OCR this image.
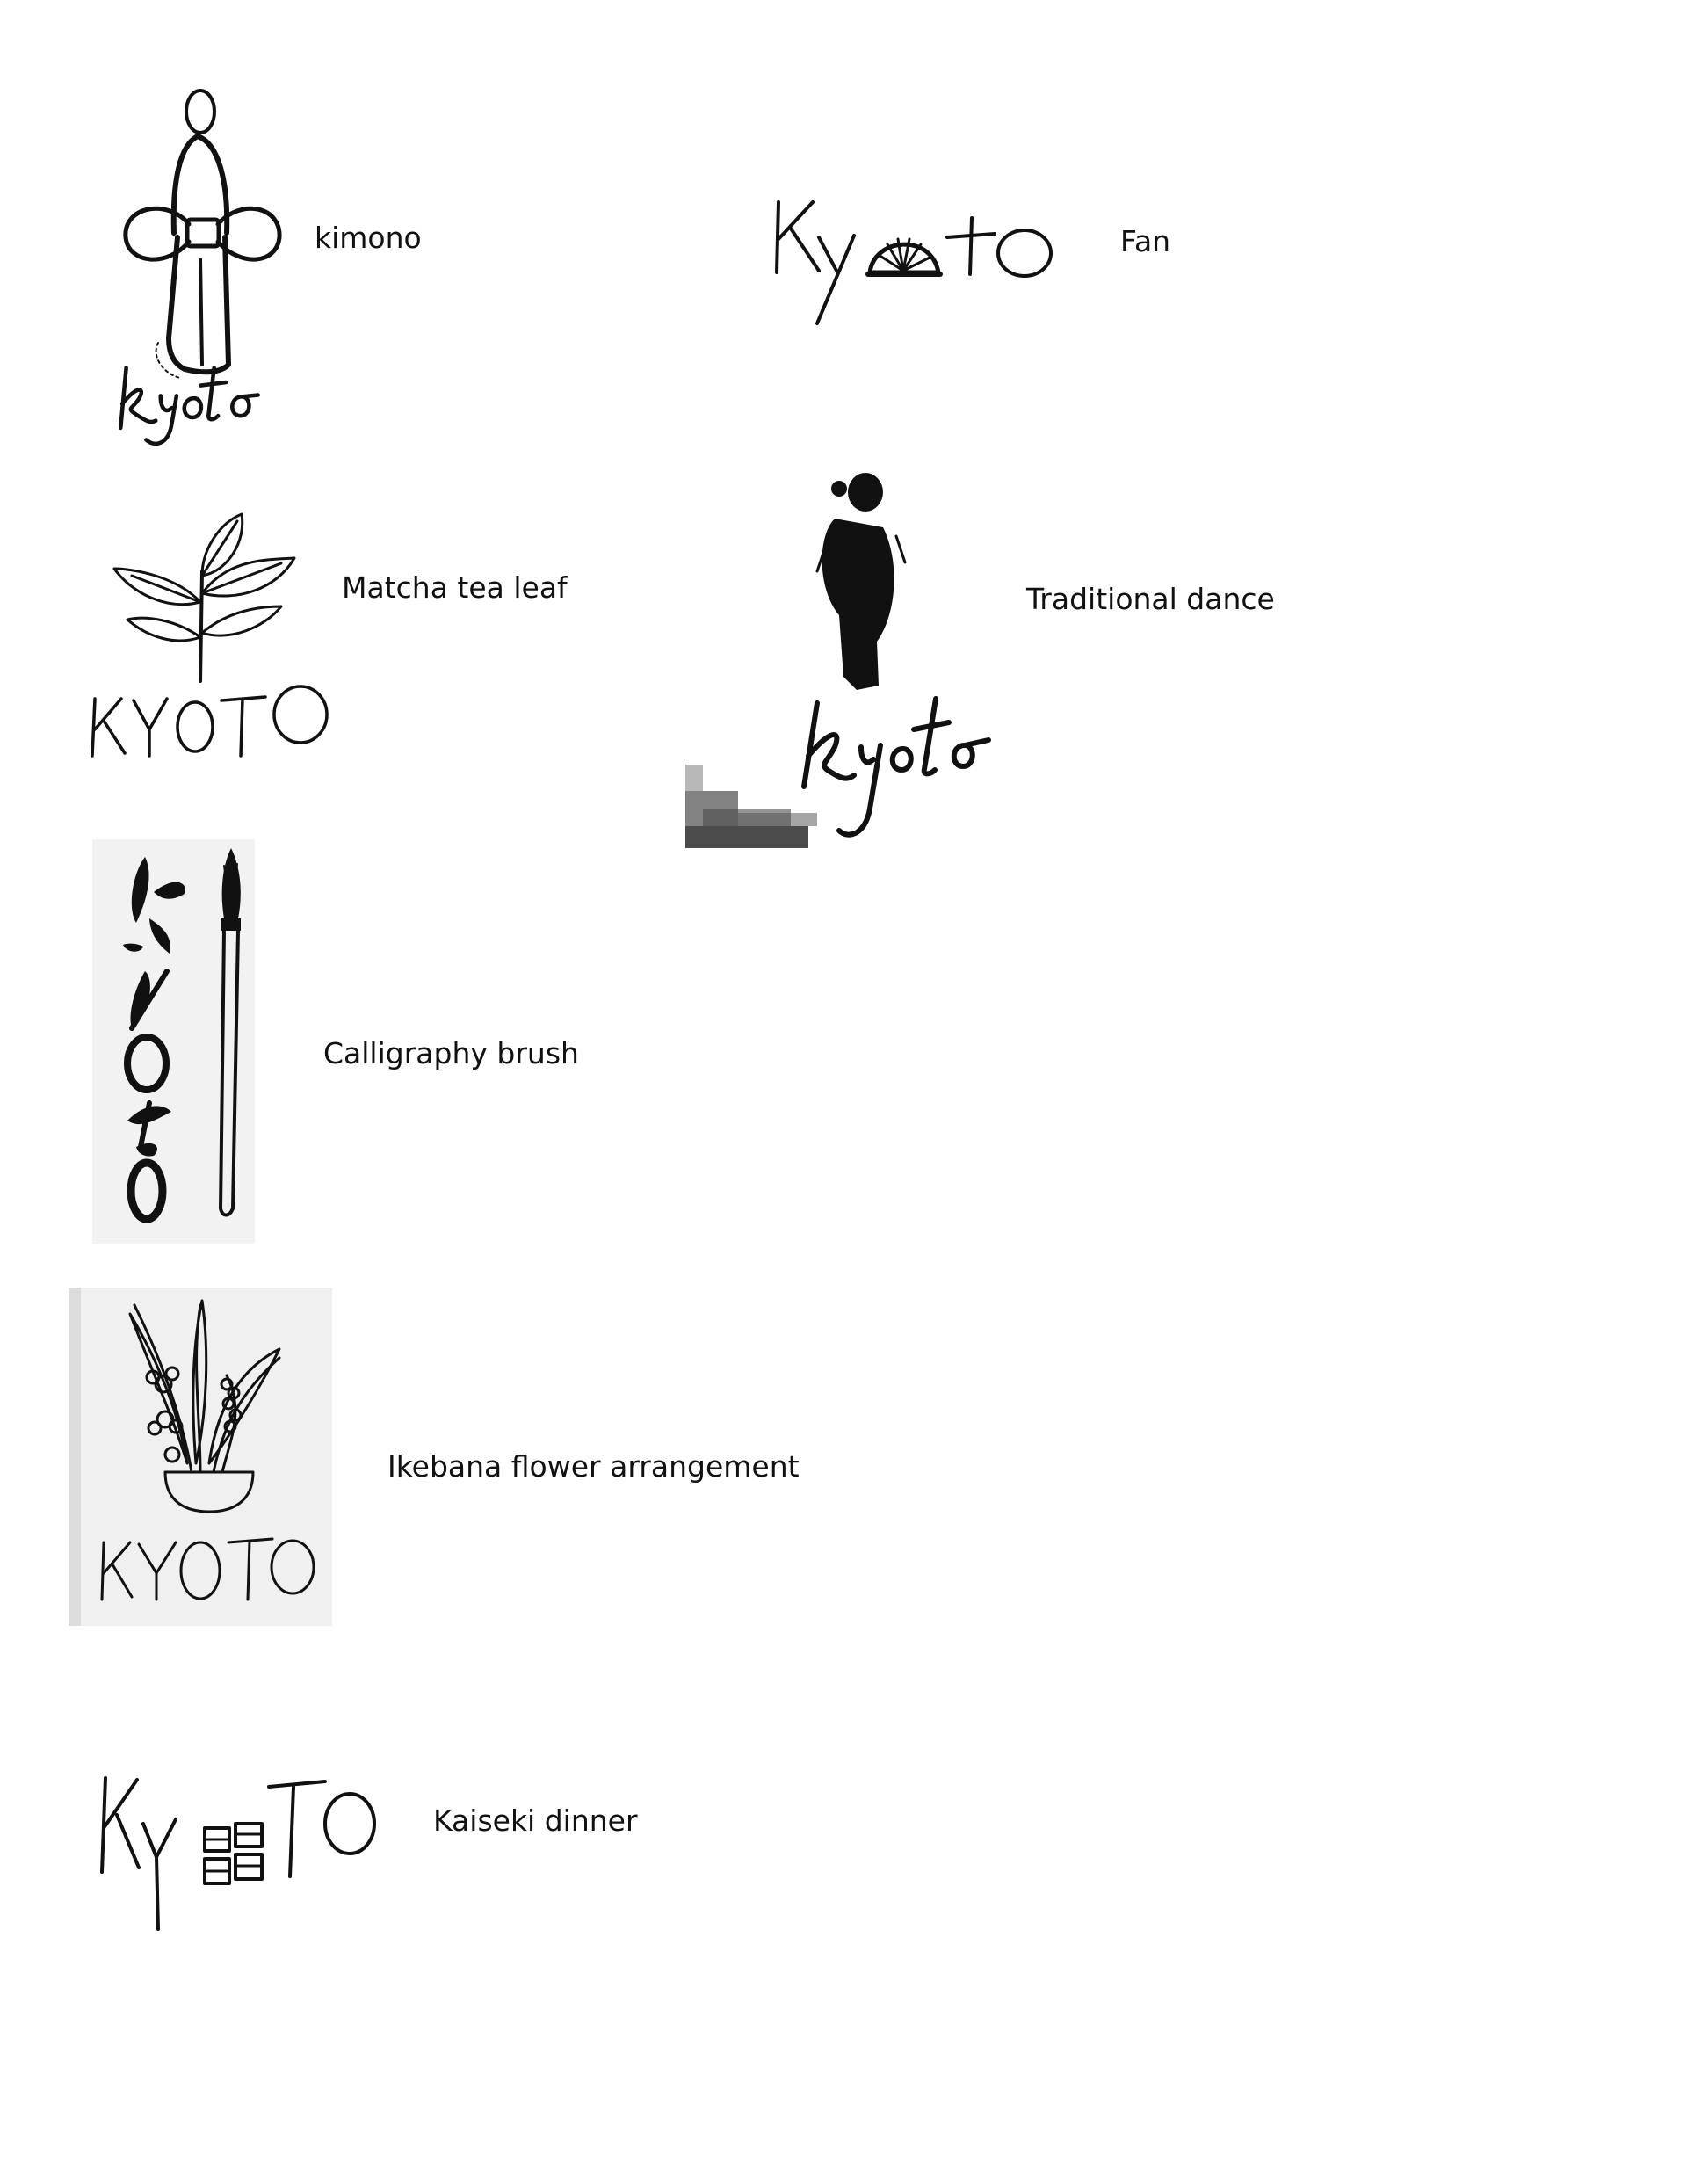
kimono	Fan
Matcha tea leaf	Traditional dance
Calligraphy brush
Ikebana flower arrangement
Kaiseki dinner
